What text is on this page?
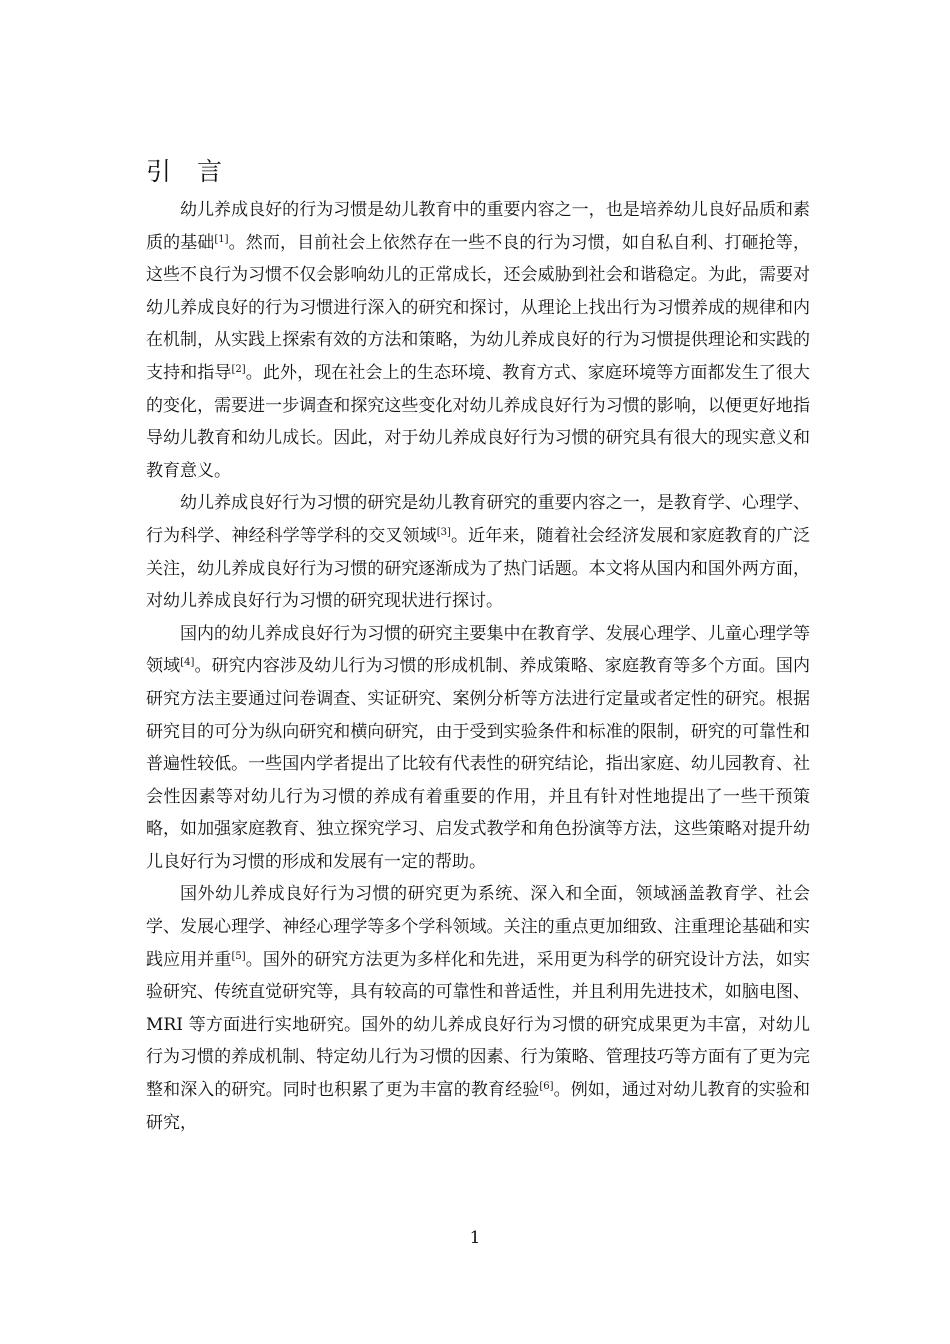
引言

幼儿养成良好的行为习惯是幼儿教育中的重要内容之一，也是培养幼儿良好品质和素质的基础[1]。然而，目前社会上依然存在一些不良的行为习惯，如自私自利、打砸抢等，这些不良行为习惯不仅会影响幼儿的正常成长，还会威胁到社会和谐稳定。为此，需要对幼儿养成良好的行为习惯进行深入的研究和探讨，从理论上找出行为习惯养成的规律和内在机制，从实践上探索有效的方法和策略，为幼儿养成良好的行为习惯提供理论和实践的支持和指导[2]。此外，现在社会上的生态环境、教育方式、家庭环境等方面都发生了很大的变化，需要进一步调查和探究这些变化对幼儿养成良好行为习惯的影响，以便更好地指导幼儿教育和幼儿成长。因此，对于幼儿养成良好行为习惯的研究具有很大的现实意义和教育意义。

幼儿养成良好行为习惯的研究是幼儿教育研究的重要内容之一，是教育学、心理学、行为科学、神经科学等学科的交叉领域[3]。近年来，随着社会经济发展和家庭教育的广泛关注，幼儿养成良好行为习惯的研究逐渐成为了热门话题。本文将从国内和国外两方面，对幼儿养成良好行为习惯的研究现状进行探讨。

国内的幼儿养成良好行为习惯的研究主要集中在教育学、发展心理学、儿童心理学等领域[4]。研究内容涉及幼儿行为习惯的形成机制、养成策略、家庭教育等多个方面。国内研究方法主要通过问卷调查、实证研究、案例分析等方法进行定量或者定性的研究。根据研究目的可分为纵向研究和横向研究，由于受到实验条件和标准的限制，研究的可靠性和普遍性较低。一些国内学者提出了比较有代表性的研究结论，指出家庭、幼儿园教育、社会性因素等对幼儿行为习惯的养成有着重要的作用，并且有针对性地提出了一些干预策略，如加强家庭教育、独立探究学习、启发式教学和角色扮演等方法，这些策略对提升幼儿良好行为习惯的形成和发展有一定的帮助。

国外幼儿养成良好行为习惯的研究更为系统、深入和全面，领域涵盖教育学、社会学、发展心理学、神经心理学等多个学科领域。关注的重点更加细致、注重理论基础和实践应用并重[5]。国外的研究方法更为多样化和先进，采用更为科学的研究设计方法，如实验研究、传统直觉研究等，具有较高的可靠性和普适性，并且利用先进技术，如脑电图、MRI 等方面进行实地研究。国外的幼儿养成良好行为习惯的研究成果更为丰富，对幼儿行为习惯的养成机制、特定幼儿行为习惯的因素、行为策略、管理技巧等方面有了更为完整和深入的研究。同时也积累了更为丰富的教育经验[6]。例如，通过对幼儿教育的实验和研究，

1
